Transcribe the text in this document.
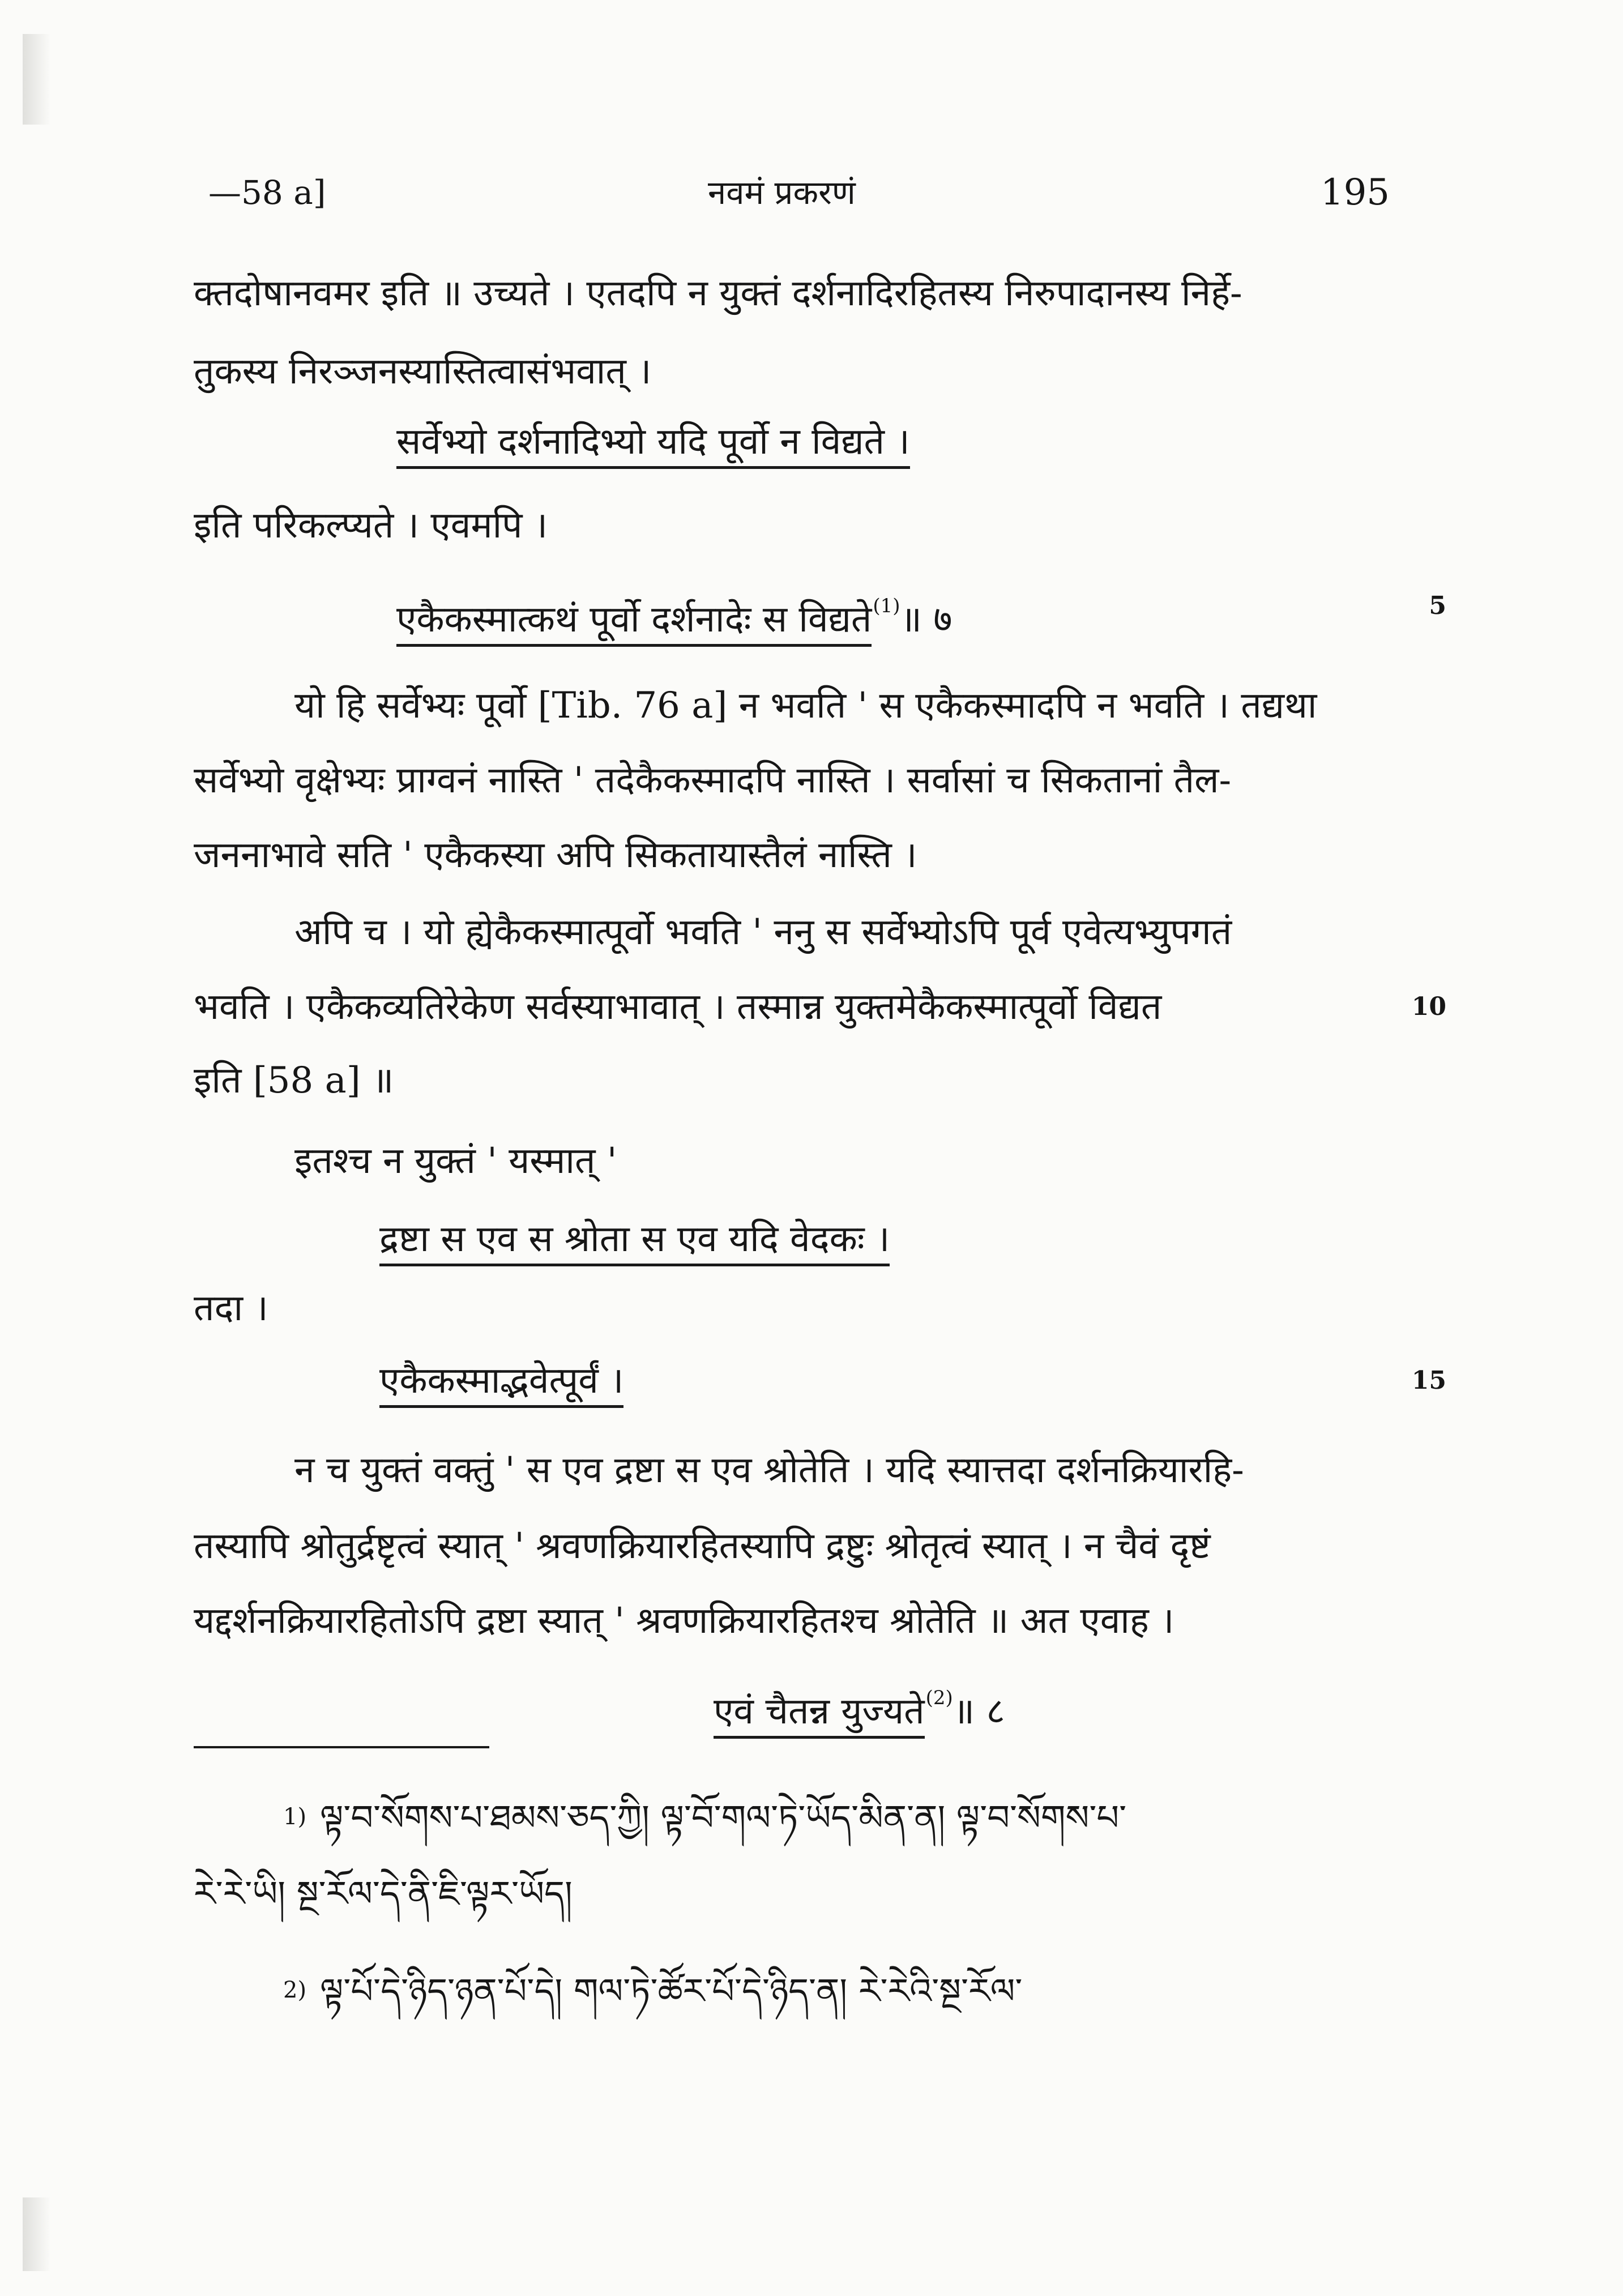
—58 a]	नवमं प्रकरणं	195
क्तदोषानवमर इति ॥ उच्यते । एतदपि न युक्तं दर्शनादिरहितस्य निरुपादानस्य निर्हे-
तुकस्य निरञ्जनस्यास्तित्वासंभवात् ।
सर्वेभ्यो दर्शनादिभ्यो यदि पूर्वो न विद्यते ।
इति परिकल्प्यते । एवमपि ।
एकैकस्मात्कथं पूर्वो दर्शनादेः स विद्यते$^{(1)}$॥ ७	5
यो हि सर्वेभ्यः पूर्वो [Tib. 76 a] न भवति ' स एकैकस्मादपि न भवति । तद्यथा
सर्वेभ्यो वृक्षेभ्यः प्राग्वनं नास्ति ' तदेकैकस्मादपि नास्ति । सर्वासां च सिकतानां तैल-
जननाभावे सति ' एकैकस्या अपि सिकतायास्तैलं नास्ति ।
अपि च । यो ह्येकैकस्मात्पूर्वो भवति ' ननु स सर्वेभ्योऽपि पूर्व एवेत्यभ्युपगतं
भवति । एकैकव्यतिरेकेण सर्वस्याभावात् । तस्मान्न युक्तमेकैकस्मात्पूर्वो विद्यत	10
इति [58 a] ॥
इतश्च न युक्तं ' यस्मात् '
द्रष्टा स एव स श्रोता स एव यदि वेदकः ।
तदा ।
एकैकस्माद्भवेत्पूर्वं ।	15
न च युक्तं वक्तुं ' स एव द्रष्टा स एव श्रोतेति । यदि स्यात्तदा दर्शनक्रियारहि-
तस्यापि श्रोतुर्द्रष्टृत्वं स्यात् ' श्रवणक्रियारहितस्यापि द्रष्टुः श्रोतृत्वं स्यात् । न चैवं दृष्टं
यद्दर्शनक्रियारहितोऽपि द्रष्टा स्यात् ' श्रवणक्रियारहितश्च श्रोतेति ॥ अत एवाह ।
एवं चैतन्न युज्यते$^{(2)}$॥ ८
1) ལྟ་བ་སོགས་པ་ཐམས་ཅད་ཀྱི། ལྟ་བོ་གལ་ཏེ་ཡོད་མིན་ན། ལྟ་བ་སོགས་པ་
རེ་རེ་ཡི། སྔ་རོལ་དེ་ནི་ཇི་ལྟར་ཡོད།
2) ལྟ་པོ་དེ་ཉིད་ཉན་པོ་དེ། གལ་ཏེ་ཚོར་པོ་དེ་ཉིད་ན། རེ་རེའི་སྔ་རོལ་
